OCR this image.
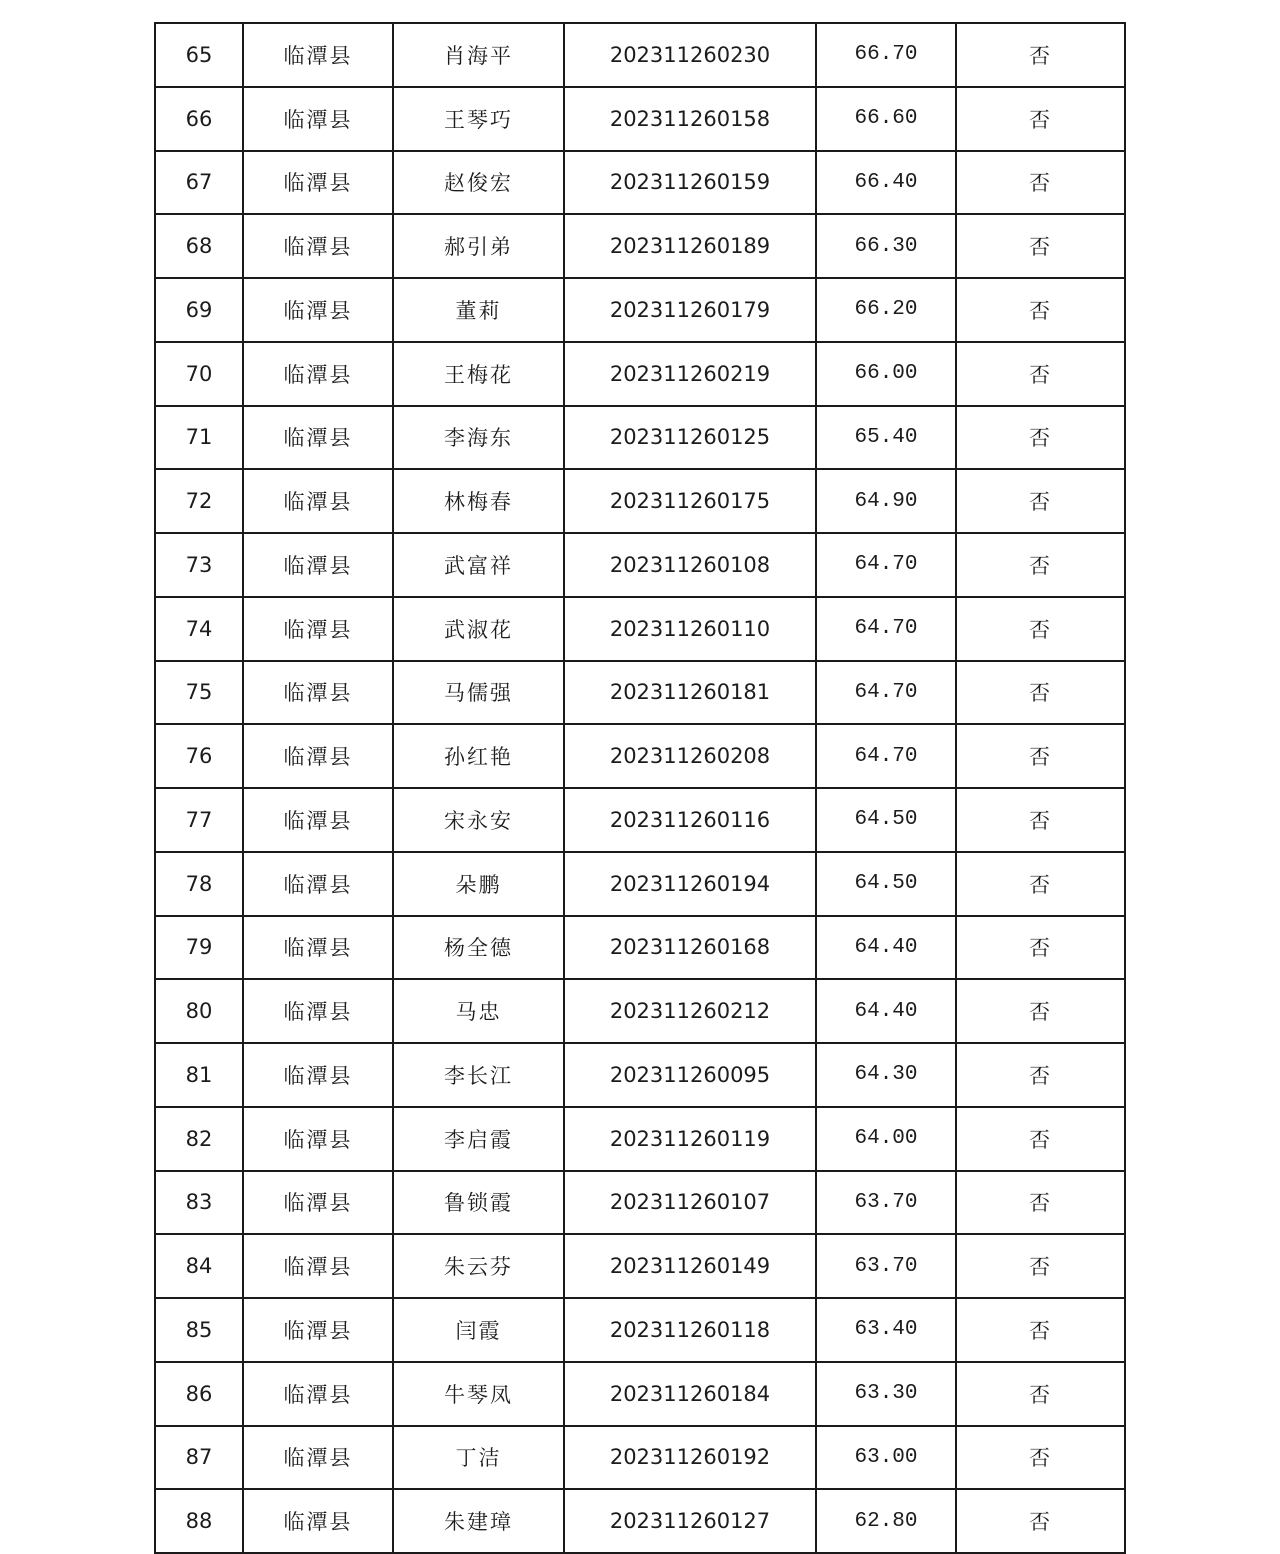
65	临潭县	肖海平	202311260230	66.70	否
66	临潭县	王琴巧	202311260158	66.60	否
67	临潭县	赵俊宏	202311260159	66.40	否
68	临潭县	郝引弟	202311260189	66.30	否
69	临潭县	董莉	202311260179	66.20	否
70	临潭县	王梅花	202311260219	66.00	否
71	临潭县	李海东	202311260125	65.40	否
72	临潭县	林梅春	202311260175	64.90	否
73	临潭县	武富祥	202311260108	64.70	否
74	临潭县	武淑花	202311260110	64.70	否
75	临潭县	马儒强	202311260181	64.70	否
76	临潭县	孙红艳	202311260208	64.70	否
77	临潭县	宋永安	202311260116	64.50	否
78	临潭县	朵鹏	202311260194	64.50	否
79	临潭县	杨全德	202311260168	64.40	否
80	临潭县	马忠	202311260212	64.40	否
81	临潭县	李长江	202311260095	64.30	否
82	临潭县	李启霞	202311260119	64.00	否
83	临潭县	鲁锁霞	202311260107	63.70	否
84	临潭县	朱云芬	202311260149	63.70	否
85	临潭县	闫霞	202311260118	63.40	否
86	临潭县	牛琴凤	202311260184	63.30	否
87	临潭县	丁洁	202311260192	63.00	否
88	临潭县	朱建璋	202311260127	62.80	否
